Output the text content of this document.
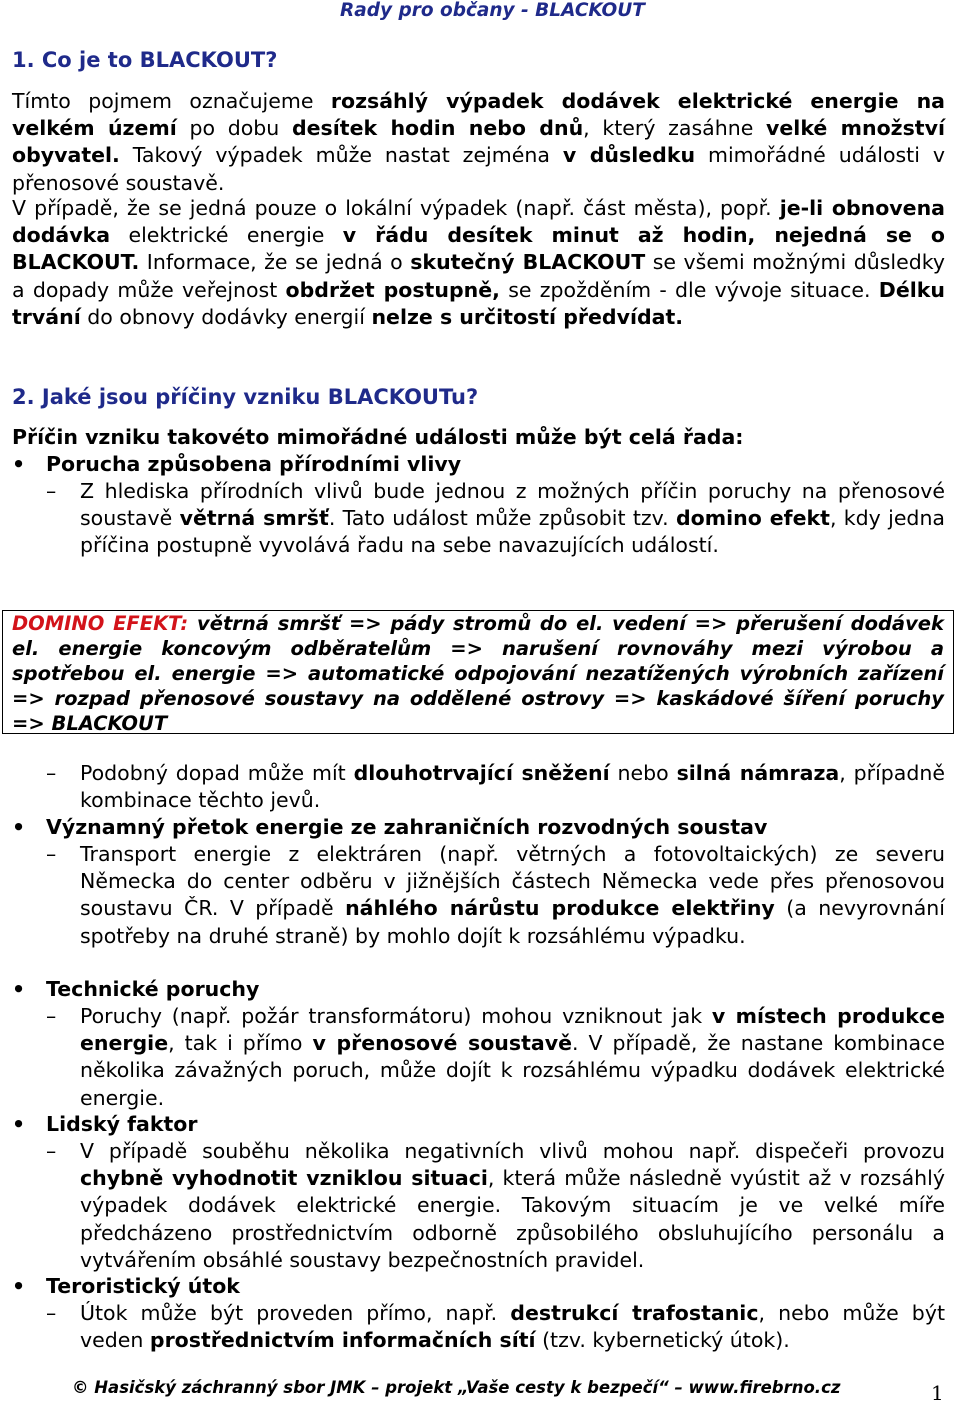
Rady pro občany - BLACKOUT
1. Co je to BLACKOUT?

Tímto pojmem označujeme rozsáhlý výpadek dodávek elektrické energie na velkém území po dobu desítek hodin nebo dnů, který zasáhne velké množství obyvatel. Takový výpadek může nastat zejména v důsledku mimořádné události v přenosové soustavě.

V případě, že se jedná pouze o lokální výpadek (např. část města), popř. je-li obnovena dodávka elektrické energie v řádu desítek minut až hodin, nejedná se o BLACKOUT. Informace, že se jedná o skutečný BLACKOUT se všemi možnými důsledky a dopady může veřejnost obdržet postupně, se zpožděním - dle vývoje situace. Délku trvání do obnovy dodávky energií nelze s určitostí předvídat.

2. Jaké jsou příčiny vzniku BLACKOUTu?
Příčin vzniku takovéto mimořádné události může být celá řada:
• Porucha způsobena přírodními vlivy
– Z hlediska přírodních vlivů bude jednou z možných příčin poruchy na přenosové soustavě větrná smršť. Tato událost může způsobit tzv. domino efekt, kdy jedna příčina postupně vyvolává řadu na sebe navazujících událostí.

DOMINO EFEKT: větrná smršť => pády stromů do el. vedení => přerušení dodávek el. energie koncovým odběratelům => narušení rovnováhy mezi výrobou a spotřebou el. energie => automatické odpojování nezatížených výrobních zařízení => rozpad přenosové soustavy na oddělené ostrovy => kaskádové šíření poruchy => BLACKOUT
– Podobný dopad může mít dlouhotrvající sněžení nebo silná námraza, případně kombinace těchto jevů.

• Významný přetok energie ze zahraničních rozvodných soustav
– Transport energie z elektráren (např. větrných a fotovoltaických) ze severu Německa do center odběru v jižnějších částech Německa vede přes přenosovou soustavu ČR. V případě náhlého nárůstu produkce elektřiny (a nevyrovnání spotřeby na druhé straně) by mohlo dojít k rozsáhlému výpadku.

• Technické poruchy
– Poruchy (např. požár transformátoru) mohou vzniknout jak v místech produkce energie, tak i přímo v přenosové soustavě. V případě, že nastane kombinace několika závažných poruch, může dojít k rozsáhlému výpadku dodávek elektrické energie.

• Lidský faktor
– V případě souběhu několika negativních vlivů mohou např. dispečeři provozu chybně vyhodnotit vzniklou situaci, která může následně vyústit až v rozsáhlý výpadek dodávek elektrické energie. Takovým situacím je ve velké míře předcházeno prostřednictvím odborně způsobilého obsluhujícího personálu a vytvářením obsáhlé soustavy bezpečnostních pravidel.

• Teroristický útok
– Útok může být proveden přímo, např. destrukcí trafostanic, nebo může být veden prostřednictvím informačních sítí (tzv. kybernetický útok).

© Hasičský záchranný sbor JMK – projekt „Vaše cesty k bezpečí“ – www.firebrno.cz	1
